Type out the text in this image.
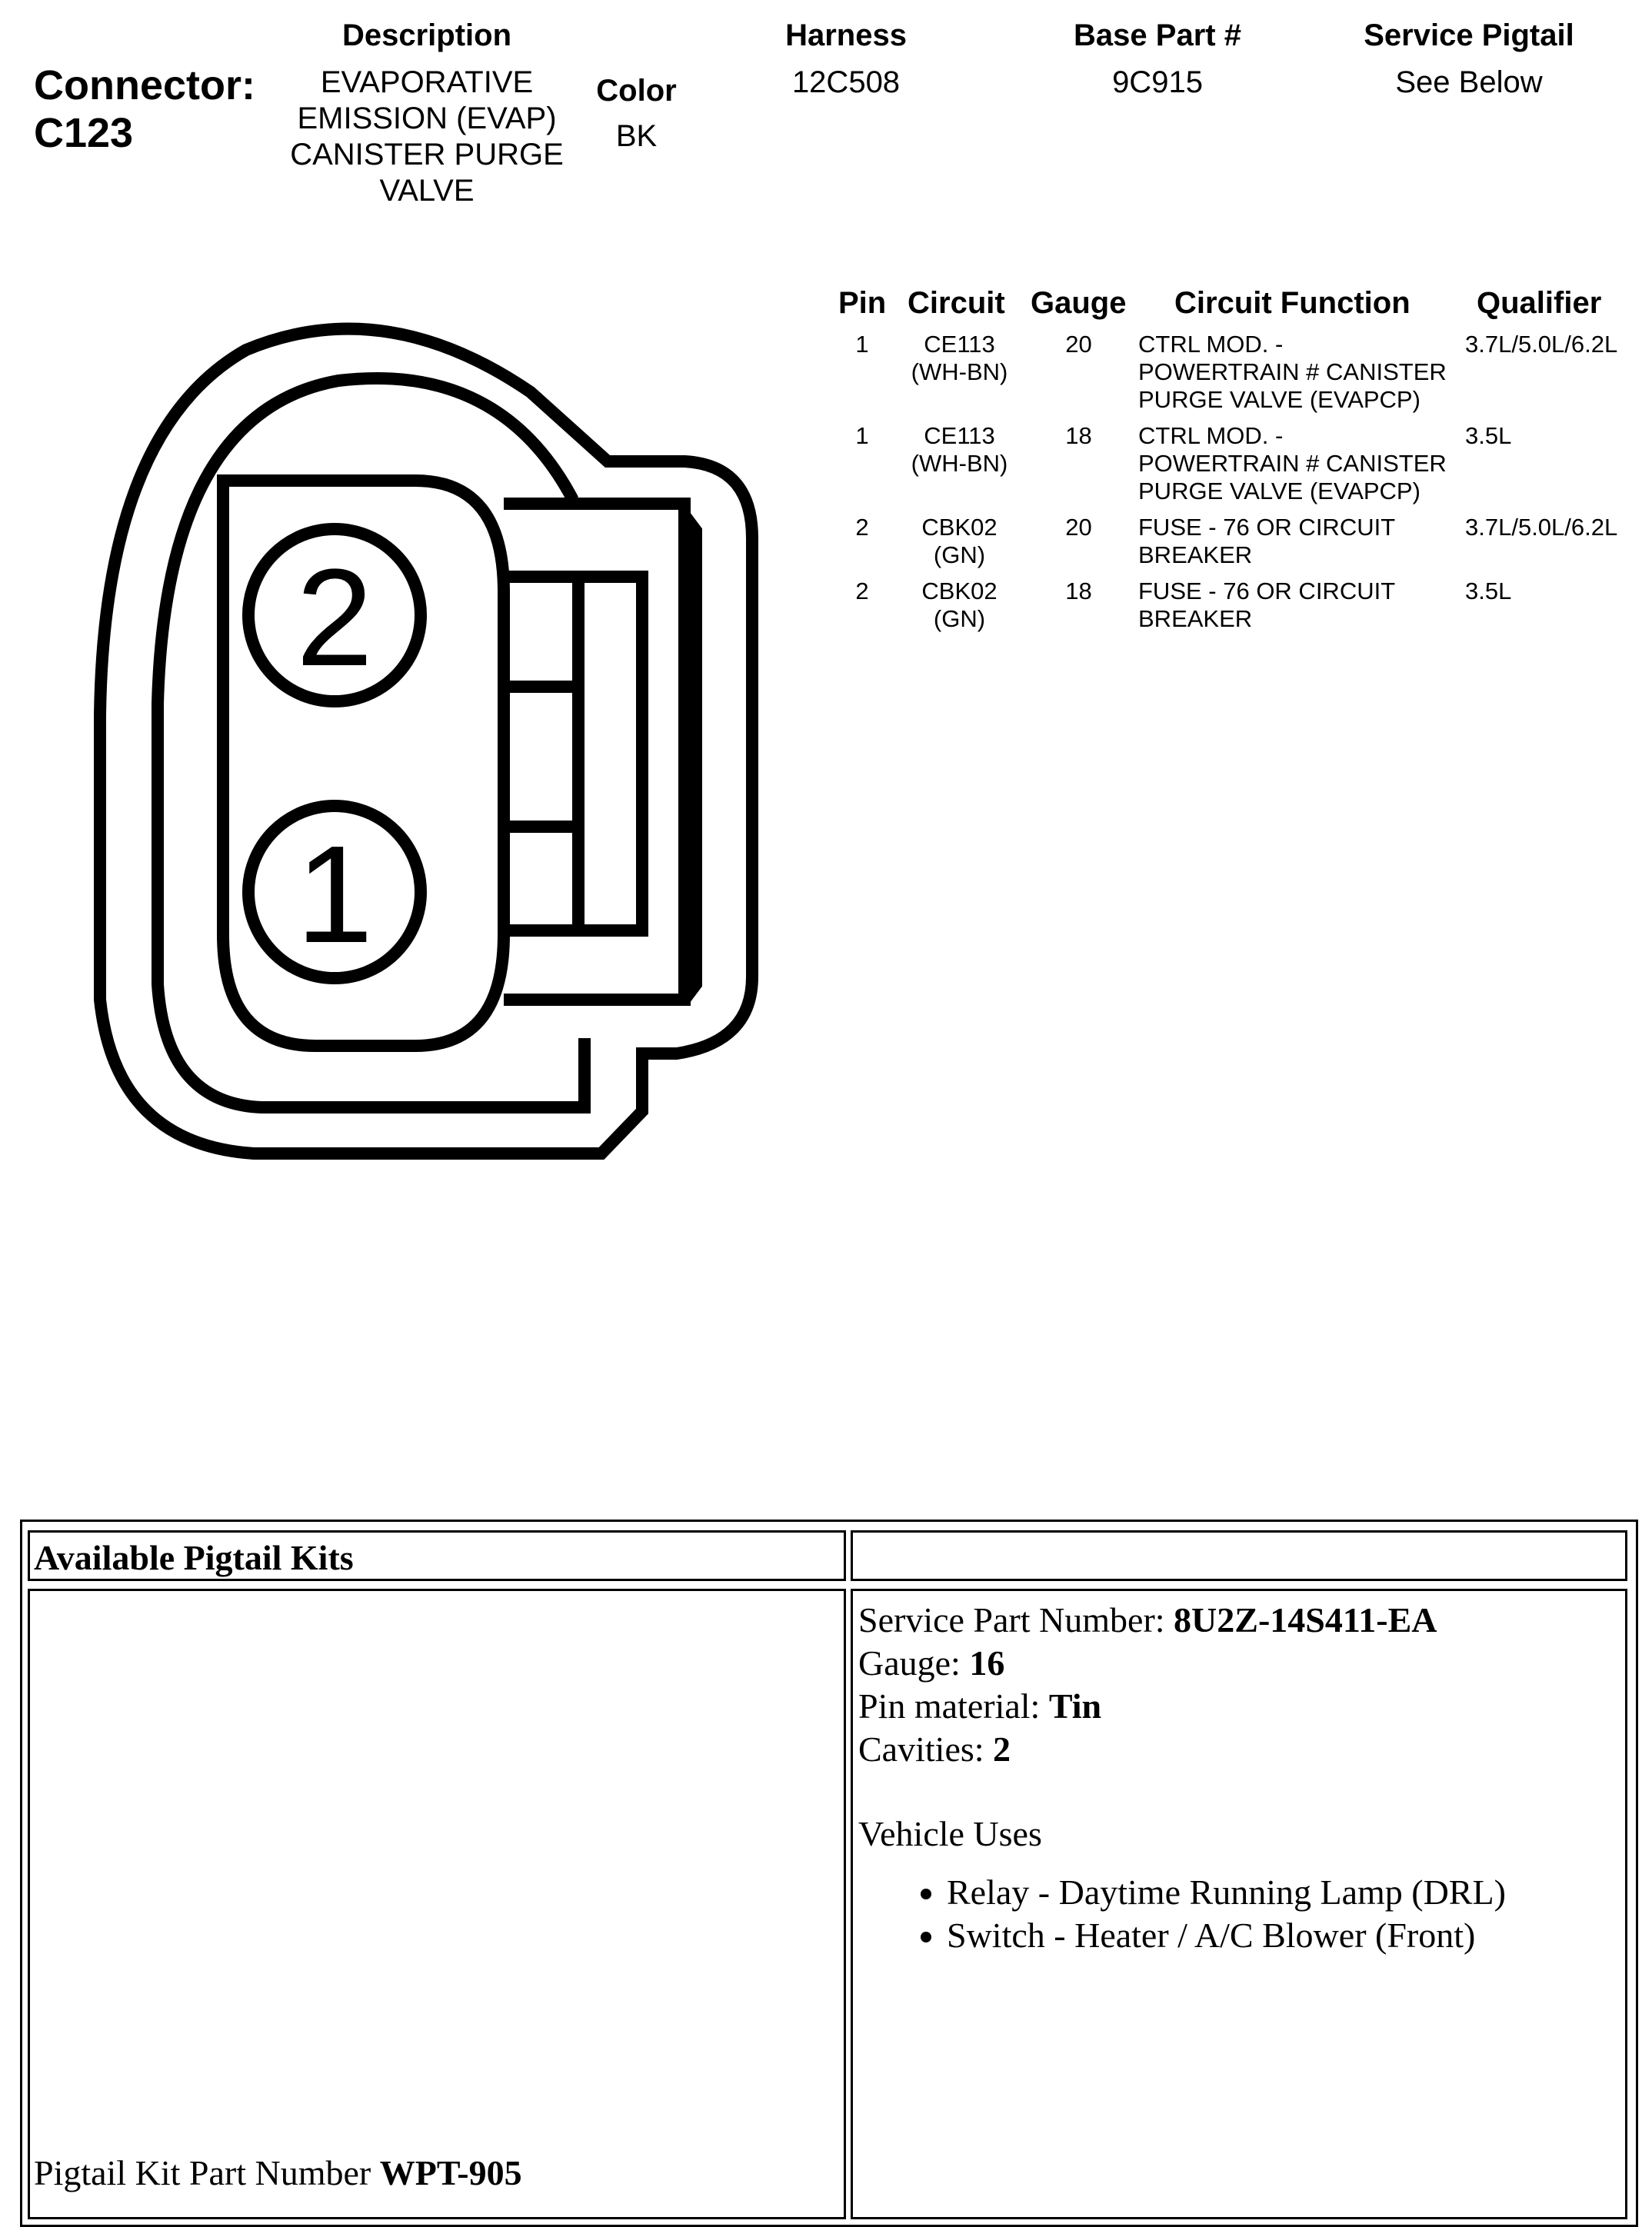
Connector:
C123
Description
EVAPORATIVE
EMISSION (EVAP)
CANISTER PURGE
VALVE
Color
BK
Harness
12C508
Base Part #
9C915
Service Pigtail
See Below
2
1
Pin Circuit Gauge Circuit Function Qualifier
1	CE113
(WH-BN)
20	CTRL MOD. -
POWERTRAIN # CANISTER
PURGE VALVE (EVAPCP)
3.7L/5.0L/6.2L
1	CE113
(WH-BN)
18	CTRL MOD. -
POWERTRAIN # CANISTER
PURGE VALVE (EVAPCP)
3.5L
2	CBK02
(GN)
20	FUSE - 76 OR CIRCUIT
BREAKER
3.7L/5.0L/6.2L
2	CBK02
(GN)
18	FUSE - 76 OR CIRCUIT
BREAKER
3.5L
Available Pigtail Kits
Pigtail Kit Part Number WPT-905
Service Part Number: 8U2Z-14S411-EA
Gauge: 16
Pin material: Tin
Cavities: 2
Vehicle Uses
• Relay - Daytime Running Lamp (DRL)
• Switch - Heater / A/C Blower (Front)
